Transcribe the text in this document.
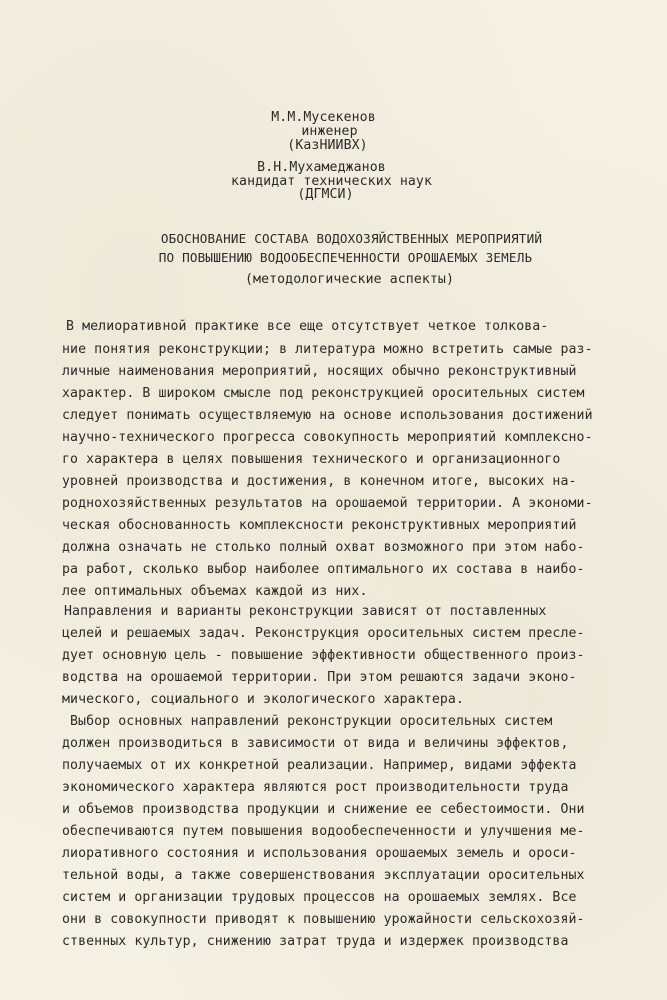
М.М.Мусекенов
инженер
(КазНИИВХ)
В.Н.Мухамеджанов
кандидат технических наук
(ДГМСИ)
ОБОСНОВАНИЕ СОСТАВА ВОДОХОЗЯЙСТВЕННЫХ МЕРОПРИЯТИЙ
ПО ПОВЫШЕНИЮ ВОДООБЕСПЕЧЕННОСТИ ОРОШАЕМЫХ ЗЕМЕЛЬ
(методологические аспекты)
В мелиоративной практике все еще отсутствует четкое толкова-
ние понятия реконструкции; в литература можно встретить самые раз-
личные наименования мероприятий, носящих обычно реконструктивный
характер. В широком смысле под реконструкцией оросительных систем
следует понимать осуществляемую на основе использования достижений
научно-технического прогресса совокупность мероприятий комплексно-
го характера в целях повышения технического и организационного
уровней производства и достижения, в конечном итоге, высоких на-
роднохозяйственных результатов на орошаемой территории. А экономи-
ческая обоснованность комплексности реконструктивных мероприятий
должна означать не столько полный охват возможного при этом набо-
ра работ, сколько выбор наиболее оптимального их состава в наибо-
лее оптимальных объемах каждой из них.
Направления и варианты реконструкции зависят от поставленных
целей и решаемых задач. Реконструкция оросительных систем пресле-
дует основную цель - повышение эффективности общественного произ-
водства на орошаемой территории. При этом решаются задачи эконо-
мического, социального и экологического характера.
Выбор основных направлений реконструкции оросительных систем
должен производиться в зависимости от вида и величины эффектов,
получаемых от их конкретной реализации. Например, видами эффекта
экономического характера являются рост производительности труда
и объемов производства продукции и снижение ее себестоимости. Они
обеспечиваются путем повышения водообеспеченности и улучшения ме-
лиоративного состояния и использования орошаемых земель и ороси-
тельной воды, а также совершенствования эксплуатации оросительных
систем и организации трудовых процессов на орошаемых землях. Все
они в совокупности приводят к повышению урожайности сельскохозяй-
ственных культур, снижению затрат труда и издержек производства
